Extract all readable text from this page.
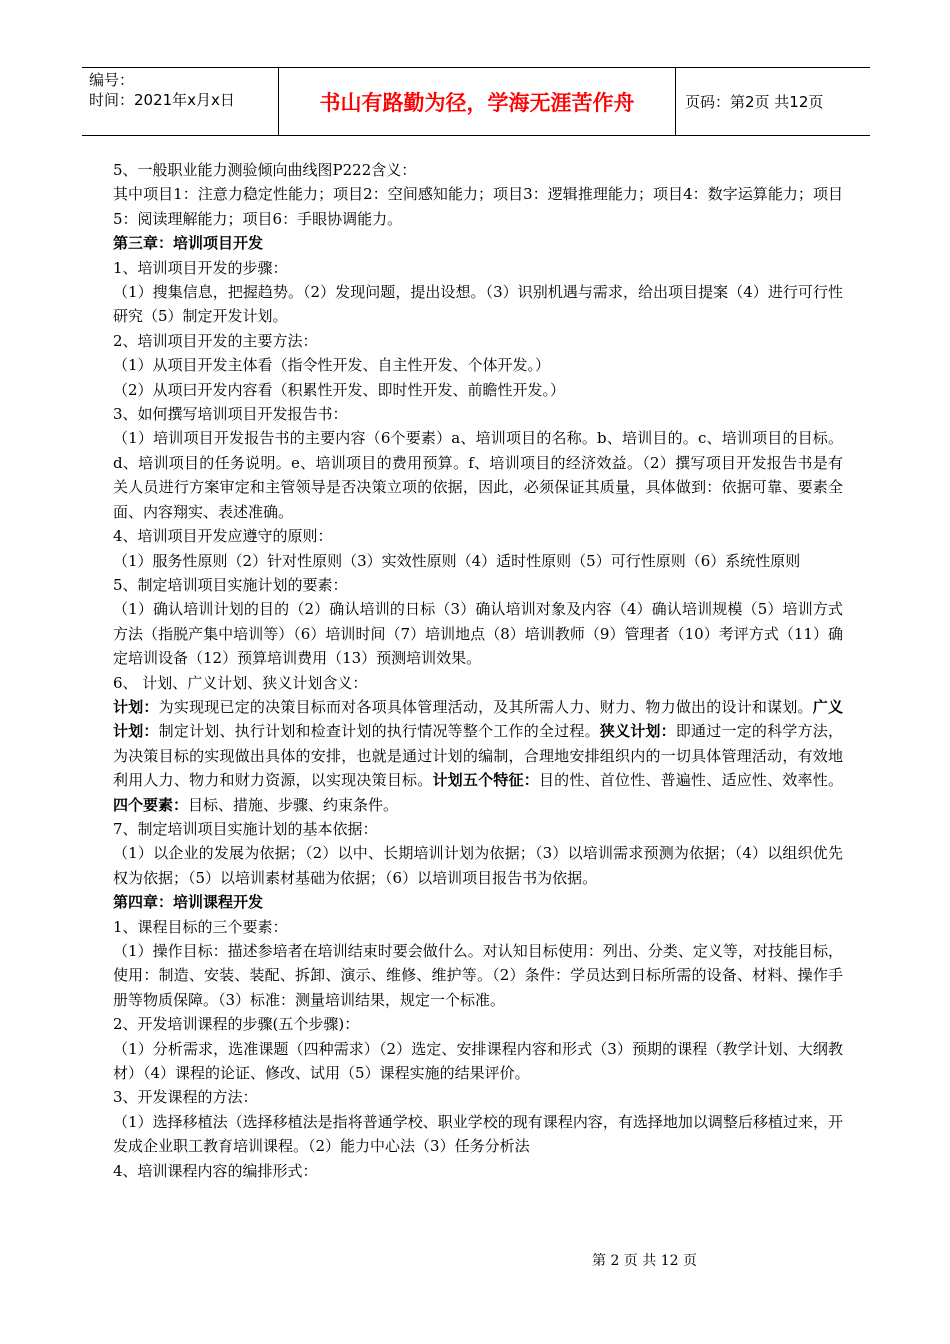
编号：
时间：2021年x月x日	书山有路勤为径，学海无涯苦作舟	页码：第2页 共12页

5、一般职业能力测验倾向曲线图P222含义：

其中项目1：注意力稳定性能力；项目2：空间感知能力；项目3：逻辑推理能力；项目4：数字运算能力；项目5：阅读理解能力；项目6：手眼协调能力。

第三章：培训项目开发

1、培训项目开发的步骤：

（1）搜集信息，把握趋势。（2）发现问题，提出设想。（3）识别机遇与需求，给出项目提案（4）进行可行性研究（5）制定开发计划。

2、培训项目开发的主要方法：

（1）从项目开发主体看（指令性开发、自主性开发、个体开发。）

（2）从项曰开发内容看（积累性开发、即时性开发、前瞻性开发。）

3、如何撰写培训项目开发报告书：

（1）培训项目开发报告书的主要内容（6个要素）a、培训项目的名称。b、培训目的。c、培训项目的目标。d、培训项目的任务说明。e、培训项目的费用预算。f、培训项目的经济效益。（2）撰写项目开发报告书是有关人员进行方案审定和主管领导是否决策立项的依据，因此，必须保证其质量，具体做到：依据可靠、要素全面、内容翔实、表述准确。

4、培训项目开发应遵守的原则：

（1）服务性原则（2）针对性原则（3）实效性原则（4）适时性原则（5）可行性原则（6）系统性原则

5、制定培训项目实施计划的要素：

（1）确认培训计划的目的（2）确认培训的日标（3）确认培训对象及内容（4）确认培训规模（5）培训方式方法（指脱产集中培训等）（6）培训时间（7）培训地点（8）培训教师（9）管理者（10）考评方式（11）确定培训设备（12）预算培训费用（13）预测培训效果。

6、 计划、广义计划、狭义计划含义：

计划：为实现现已定的决策目标而对各项具体管理活动，及其所需人力、财力、物力做出的设计和谋划。广义计划：制定计划、执行计划和检查计划的执行情况等整个工作的全过程。狭义计划：即通过一定的科学方法，为决策目标的实现做出具体的安排，也就是通过计划的编制，合理地安排组织内的一切具体管理活动，有效地利用人力、物力和财力资源，以实现决策目标。计划五个特征：目的性、首位性、普遍性、适应性、效率性。四个要素：目标、措施、步骤、约束条件。

7、制定培训项目实施计划的基本依据：

（1）以企业的发展为依据；（2）以中、长期培训计划为依据；（3）以培训需求预测为依据；（4）以组织优先权为依据；（5）以培训素材基础为依据；（6）以培训项目报告书为依据。

第四章：培训课程开发

1、课程目标的三个要素：

（1）操作目标：描述参培者在培训结束时要会做什么。对认知目标使用：列出、分类、定义等，对技能目标，使用：制造、安装、装配、拆卸、演示、维修、维护等。（2）条件：学员达到日标所需的设备、材料、操作手册等物质保障。（3）标准：测量培训结果，规定一个标准。

2、开发培训课程的步骤(五个步骤)：

（1）分析需求，选准课题（四种需求）（2）选定、安排课程内容和形式（3）预期的课程（教学计划、大纲教材）（4）课程的论证、修改、试用（5）课程实施的结果评价。

3、开发课程的方法：

（1）选择移植法（选择移植法是指将普通学校、职业学校的现有课程内容，有选择地加以调整后移植过来，开发成企业职工教育培训课程。（2）能力中心法（3）任务分析法

4、培训课程内容的编排形式：

第 2 页 共 12 页
